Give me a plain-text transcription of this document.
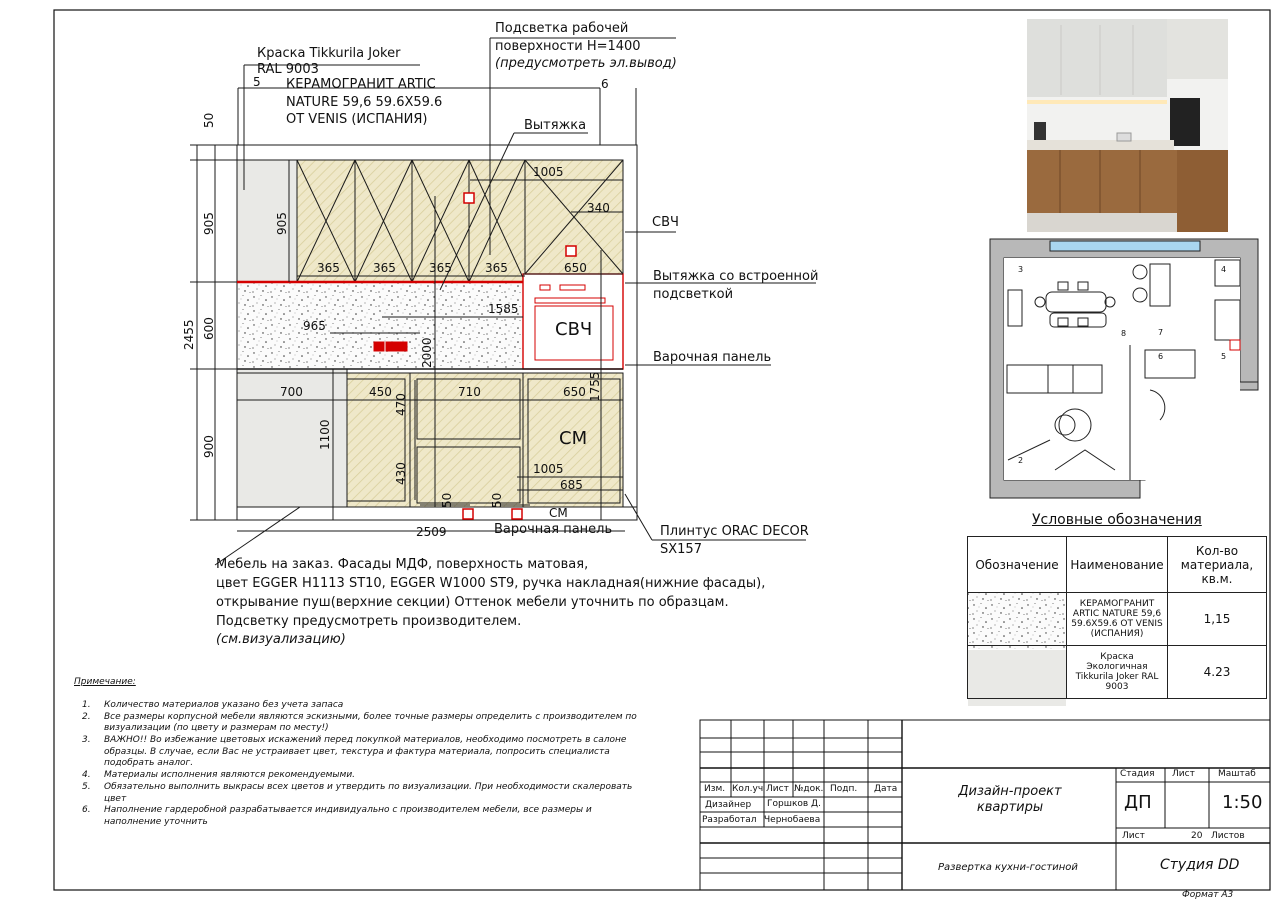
Краска Tikkurila Joker
RAL 9003
КЕРАМОГРАНИТ ARTIC
NATURE 59,6 59.6Х59.6
ОТ VENIS (ИСПАНИЯ)
Подсветка рабочей
поверхности Н=1400
(предусмотреть эл.вывод)
5	6
Вытяжка
СВЧ
Вытяжка со встроенной
подсветкой
Варочная панель
Варочная панель
СМ
Плинтус ORAC DECOR
SX157
СВЧ
СМ
365	365	365	365
1005
340
650
965
1585
700	450	710	650
1005
685
2509
50
905
600
2455
900
905
1100
2000
1755
470
430
50	50
Мебель на заказ. Фасады МДФ, поверхность матовая,
цвет EGGER H1113 ST10, EGGER W1000 ST9, ручка накладная(нижние фасады),
открывание пуш(верхние секции) Оттенок мебели уточнить по образцам.
Подсветку предусмотреть производителем.
(см.визуализацию)
Примечание:
1.	Количество материалов указано без учета запаса
2.	Все размеры корпусной мебели являются эскизными, более точные размеры определить с производителем по визуализации (по цвету и размерам по месту!)
3.	ВАЖНО!! Во избежание цветовых искажений перед покупкой материалов, необходимо посмотреть в салоне образцы. В случае, если Вас не устраивает цвет, текстура и фактура материала, попросить специалиста подобрать аналог.
4.	Материалы исполнения являются рекомендуемыми.
5.	Обязательно выполнить выкрасы всех цветов и утвердить по визуализации. При необходимости скалеровать цвет
6.	Наполнение гардеробной разрабатывается индивидуально с производителем мебели, все размеры и наполнение уточнить
3	4
8	7
6	5
2
Условные обозначения
Обозначение	Наименование	Кол-во материала, кв.м.
	КЕРАМОГРАНИТ ARTIC NATURE 59,6 59.6Х59.6 ОТ VENIS (ИСПАНИЯ)	1,15
	Краска Экологичная Tikkurila Joker RAL 9003	4.23
Изм. Кол.уч Лист №док. Подп. Дата
Дизайнер Горшков Д.
Разработал Чернобаева
Дизайн-проект
квартиры
Стадия Лист	Маштаб
ДП	1:50
Лист	20 Листов
Развертка кухни-гостиной	Студия DD
Формат А3
